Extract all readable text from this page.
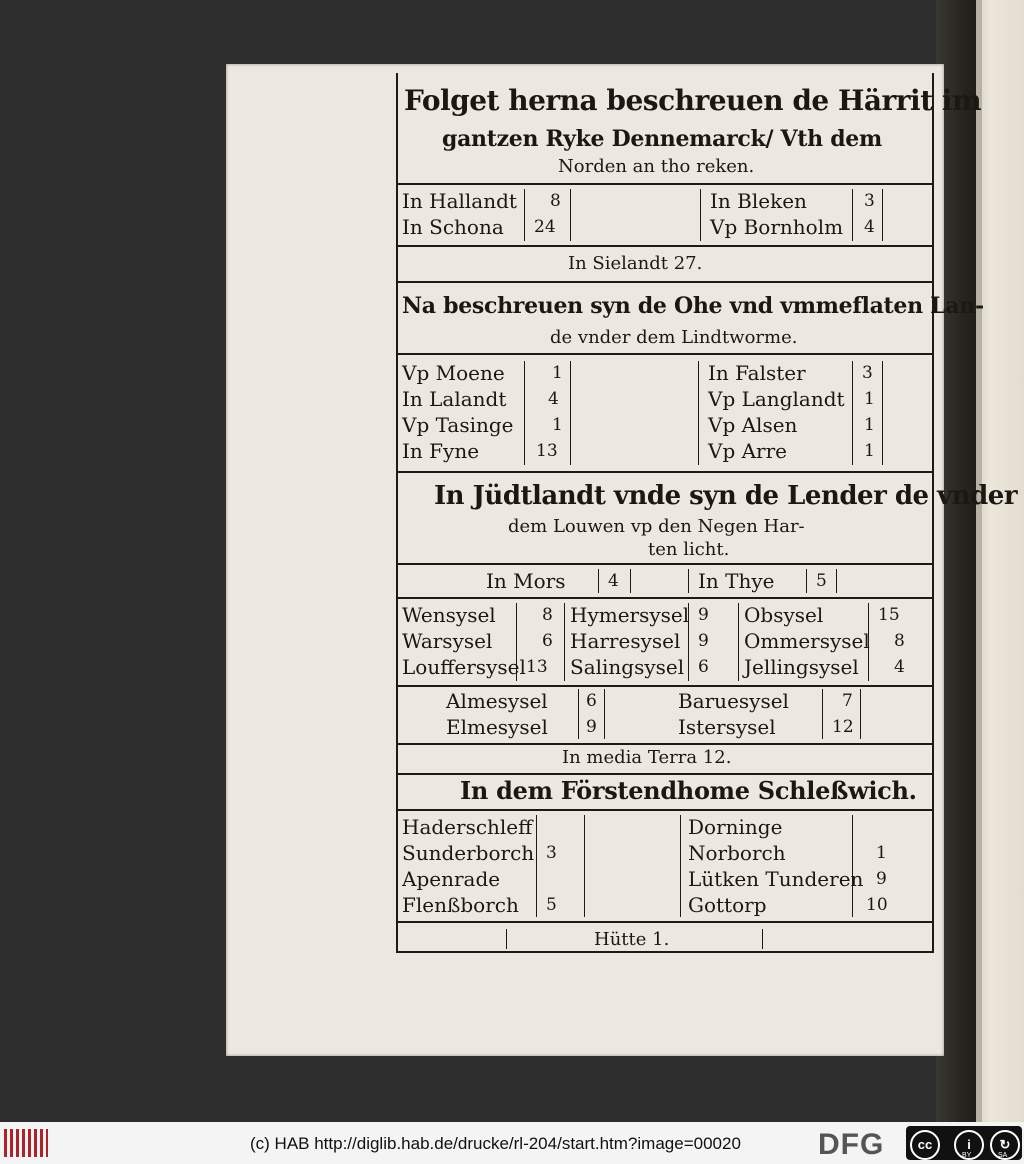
Folget herna beschreuen de Härrit im
gantzen Ryke Dennemarck/ Vth dem
Norden an tho reken.
In Hallandt 8	In Bleken	3
In Schona 24	Vp Bornholm 4
In Sielandt 27.
Na beschreuen syn de Ohe vnd vmmeflaten Lan-
de vnder dem Lindtworme.
Vp Moene	1	In Falster	3
In Lalandt 4	Vp Langlandt 1
Vp Tasinge 1	Vp Alsen	1
In Fyne	13	Vp Arre	1
In Jüdtlandt vnde syn de Lender de vnder
dem Louwen vp den Negen Har-
ten licht.
In Mors	4	In Thye 5
Wensysel	8 Hymersysel 9 Obsysel	15
Warsysel	6 Harresysel 9 Ommersysel 8
Louffersysel 13 Salingsysel 6 Jellingsysel 4
Almesysel 6	Baruesysel	7
Elmesysel 9	Istersysel	12
In media Terra 12.
In dem Förstendhome Schleßwich.
Haderschleff	Dorninge
Sunderborch 3	Norborch	1
Apenrade	Lütken Tunderen 9
Flenßborch 5	Gottorp	10
Hütte 1.
(c) HAB http://diglib.hab.de/drucke/rl-204/start.htm?image=00020	DFG	cc	i	↻
BY	SA
